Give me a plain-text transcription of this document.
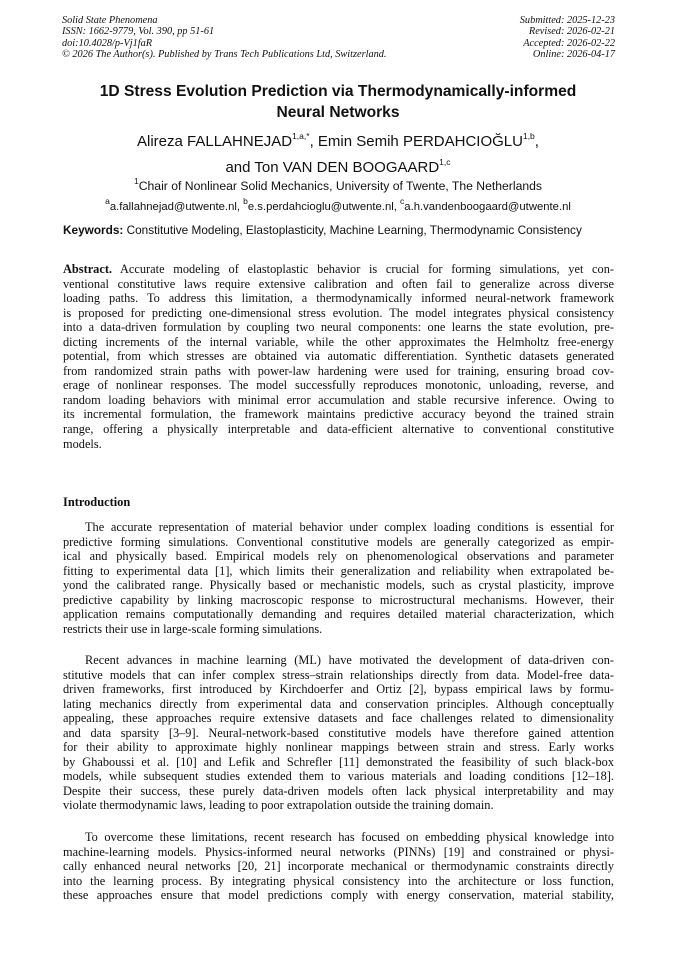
Solid State Phenomena
ISSN: 1662-9779, Vol. 390, pp 51-61
doi:10.4028/p-Vj1faR
© 2026 The Author(s). Published by Trans Tech Publications Ltd, Switzerland.
Submitted: 2025-12-23
Revised: 2026-02-21
Accepted: 2026-02-22
Online: 2026-04-17
1D Stress Evolution Prediction via Thermodynamically-informed
Neural Networks
Alireza $FALLAHNEJAD^{1,a,*}$, Emin Semih PERDAHCIOĞLU$^{1,b}$,
and Ton VAN DEN BOOGAARD$^{1,c}$
$^1$Chair of Nonlinear Solid Mechanics, University of Twente, The Netherlands
$^a$a.fallahnejad@utwente.nl, $^b$e.s.perdahcioglu@utwente.nl, $^c$a.h.vandenboogaard@utwente.nl
Keywords: Constitutive Modeling, Elastoplasticity, Machine Learning, Thermodynamic Consistency
Abstract. Accurate modeling of elastoplastic behavior is crucial for forming simulations, yet con-
ventional constitutive laws require extensive calibration and often fail to generalize across diverse
loading paths. To address this limitation, a thermodynamically informed neural-network framework
is proposed for predicting one-dimensional stress evolution. The model integrates physical consistency
into a data-driven formulation by coupling two neural components: one learns the state evolution, pre-
dicting increments of the internal variable, while the other approximates the Helmholtz free-energy
potential, from which stresses are obtained via automatic differentiation. Synthetic datasets generated
from randomized strain paths with power-law hardening were used for training, ensuring broad cov-
erage of nonlinear responses. The model successfully reproduces monotonic, unloading, reverse, and
random loading behaviors with minimal error accumulation and stable recursive inference. Owing to
its incremental formulation, the framework maintains predictive accuracy beyond the trained strain
range, offering a physically interpretable and data-efficient alternative to conventional constitutive
models.
Introduction
The accurate representation of material behavior under complex loading conditions is essential for
predictive forming simulations. Conventional constitutive models are generally categorized as empir-
ical and physically based. Empirical models rely on phenomenological observations and parameter
fitting to experimental data [1], which limits their generalization and reliability when extrapolated be-
yond the calibrated range. Physically based or mechanistic models, such as crystal plasticity, improve
predictive capability by linking macroscopic response to microstructural mechanisms. However, their
application remains computationally demanding and requires detailed material characterization, which
restricts their use in large-scale forming simulations.
Recent advances in machine learning (ML) have motivated the development of data-driven con-
stitutive models that can infer complex stress–strain relationships directly from data. Model-free data-
driven frameworks, first introduced by Kirchdoerfer and Ortiz [2], bypass empirical laws by formu-
lating mechanics directly from experimental data and conservation principles. Although conceptually
appealing, these approaches require extensive datasets and face challenges related to dimensionality
and data sparsity [3–9]. Neural-network-based constitutive models have therefore gained attention
for their ability to approximate highly nonlinear mappings between strain and stress. Early works
by Ghaboussi et al. [10] and Lefik and Schrefler [11] demonstrated the feasibility of such black-box
models, while subsequent studies extended them to various materials and loading conditions [12–18].
Despite their success, these purely data-driven models often lack physical interpretability and may
violate thermodynamic laws, leading to poor extrapolation outside the training domain.
To overcome these limitations, recent research has focused on embedding physical knowledge into
machine-learning models. Physics-informed neural networks (PINNs) [19] and constrained or physi-
cally enhanced neural networks [20, 21] incorporate mechanical or thermodynamic constraints directly
into the learning process. By integrating physical consistency into the architecture or loss function,
these approaches ensure that model predictions comply with energy conservation, material stability,
